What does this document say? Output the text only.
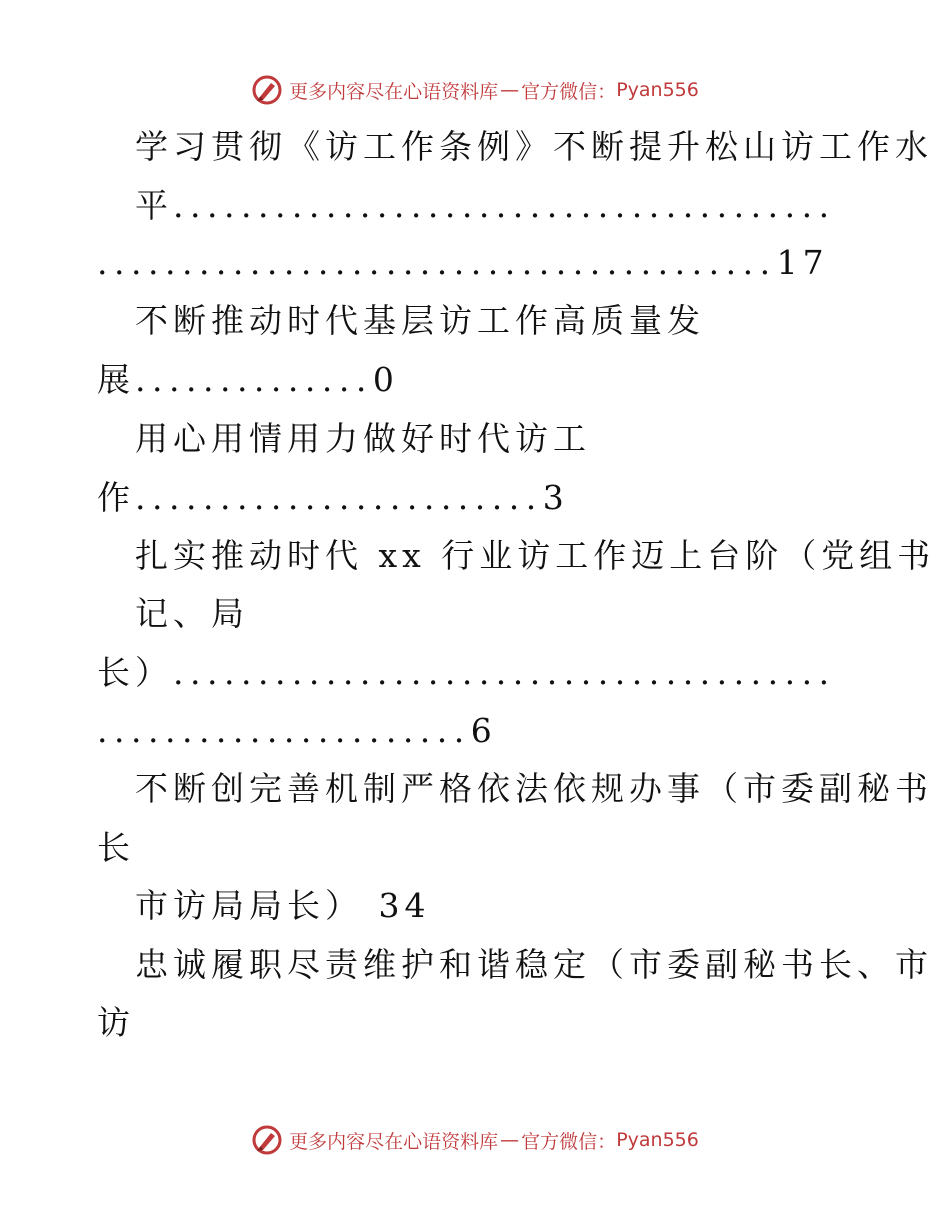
更多内容尽在心语资料库 — 官方微信： Pyan556
学习贯彻《访工作条例》不断提升松山访工作水
平.......................................
........................................17
不断推动时代基层访工作高质量发
展..............0
用心用情用力做好时代访工
作........................3
扎实推动时代 xx 行业访工作迈上台阶（党组书
记、局
长）.......................................
......................6
不断创完善机制严格依法依规办事（市委副秘书
长
市访局局长） 34
忠诚履职尽责维护和谐稳定（市委副秘书长、市
访
更多内容尽在心语资料库 — 官方微信： Pyan556
